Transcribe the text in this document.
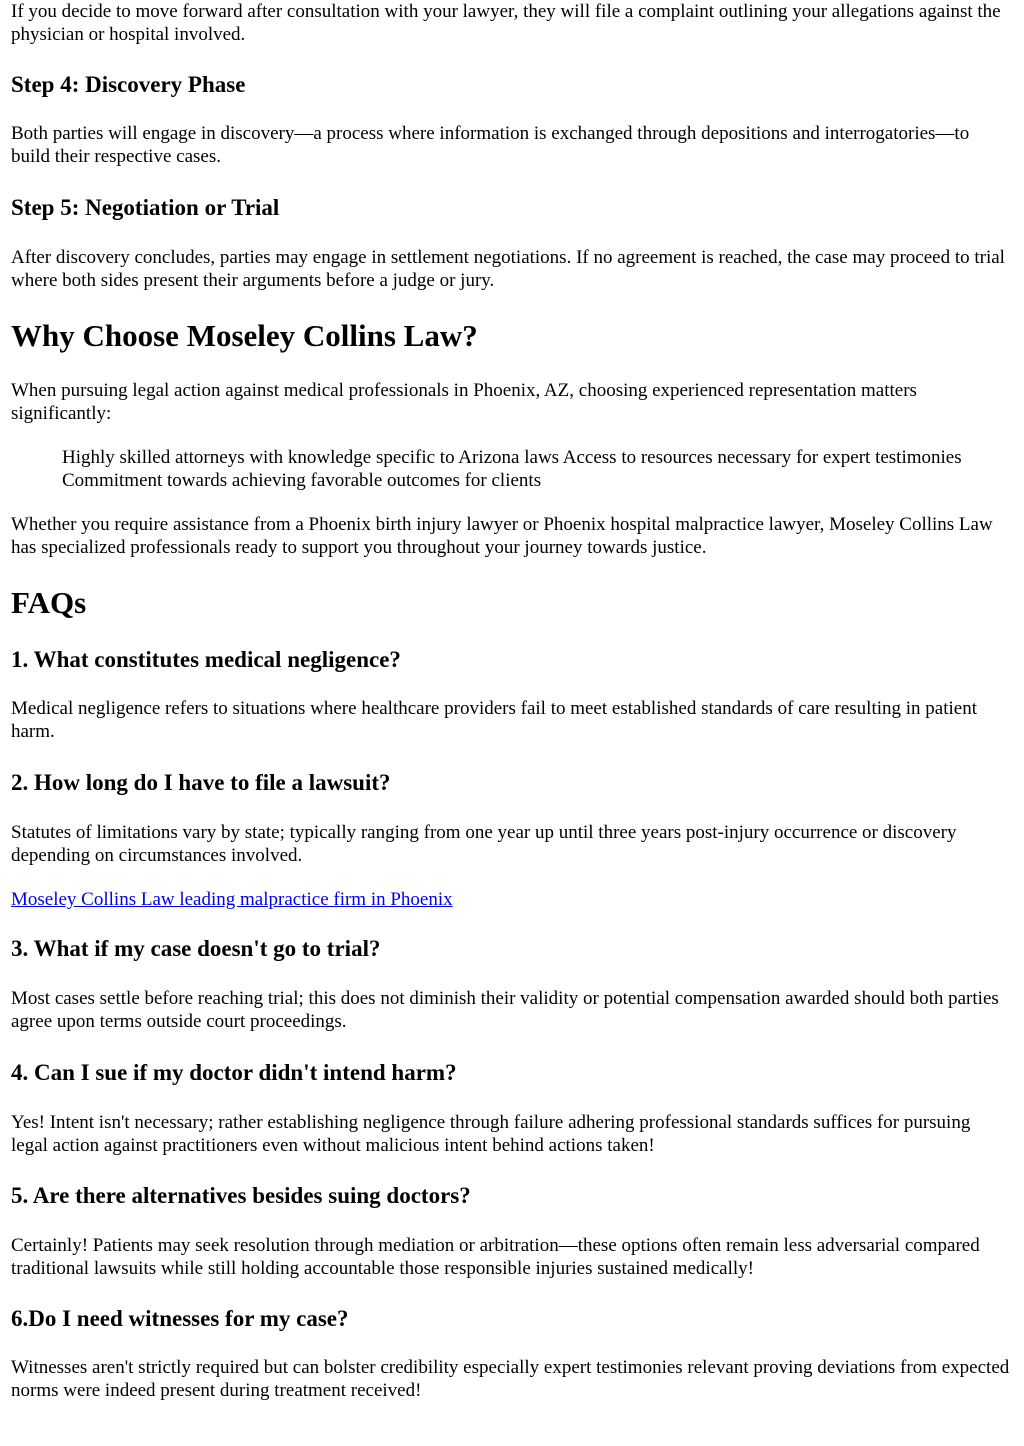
If you decide to move forward after consultation with your lawyer, they will file a complaint outlining your allegations against the physician or hospital involved.

Step 4: Discovery Phase

Both parties will engage in discovery—a process where information is exchanged through depositions and interrogatories—to build their respective cases.

Step 5: Negotiation or Trial

After discovery concludes, parties may engage in settlement negotiations. If no agreement is reached, the case may proceed to trial where both sides present their arguments before a judge or jury.

Why Choose Moseley Collins Law?

When pursuing legal action against medical professionals in Phoenix, AZ, choosing experienced representation matters significantly:

Highly skilled attorneys with knowledge specific to Arizona laws Access to resources necessary for expert testimonies Commitment towards achieving favorable outcomes for clients

Whether you require assistance from a Phoenix birth injury lawyer or Phoenix hospital malpractice lawyer, Moseley Collins Law has specialized professionals ready to support you throughout your journey towards justice.

FAQs
1. What constitutes medical negligence?

Medical negligence refers to situations where healthcare providers fail to meet established standards of care resulting in patient harm.

2. How long do I have to file a lawsuit?

Statutes of limitations vary by state; typically ranging from one year up until three years post-injury occurrence or discovery depending on circumstances involved.

Moseley Collins Law leading malpractice firm in Phoenix

3. What if my case doesn't go to trial?

Most cases settle before reaching trial; this does not diminish their validity or potential compensation awarded should both parties agree upon terms outside court proceedings.

4. Can I sue if my doctor didn't intend harm?

Yes! Intent isn't necessary; rather establishing negligence through failure adhering professional standards suffices for pursuing legal action against practitioners even without malicious intent behind actions taken!

5. Are there alternatives besides suing doctors?

Certainly! Patients may seek resolution through mediation or arbitration—these options often remain less adversarial compared traditional lawsuits while still holding accountable those responsible injuries sustained medically!

6.Do I need witnesses for my case?

Witnesses aren't strictly required but can bolster credibility especially expert testimonies relevant proving deviations from expected norms were indeed present during treatment received!
